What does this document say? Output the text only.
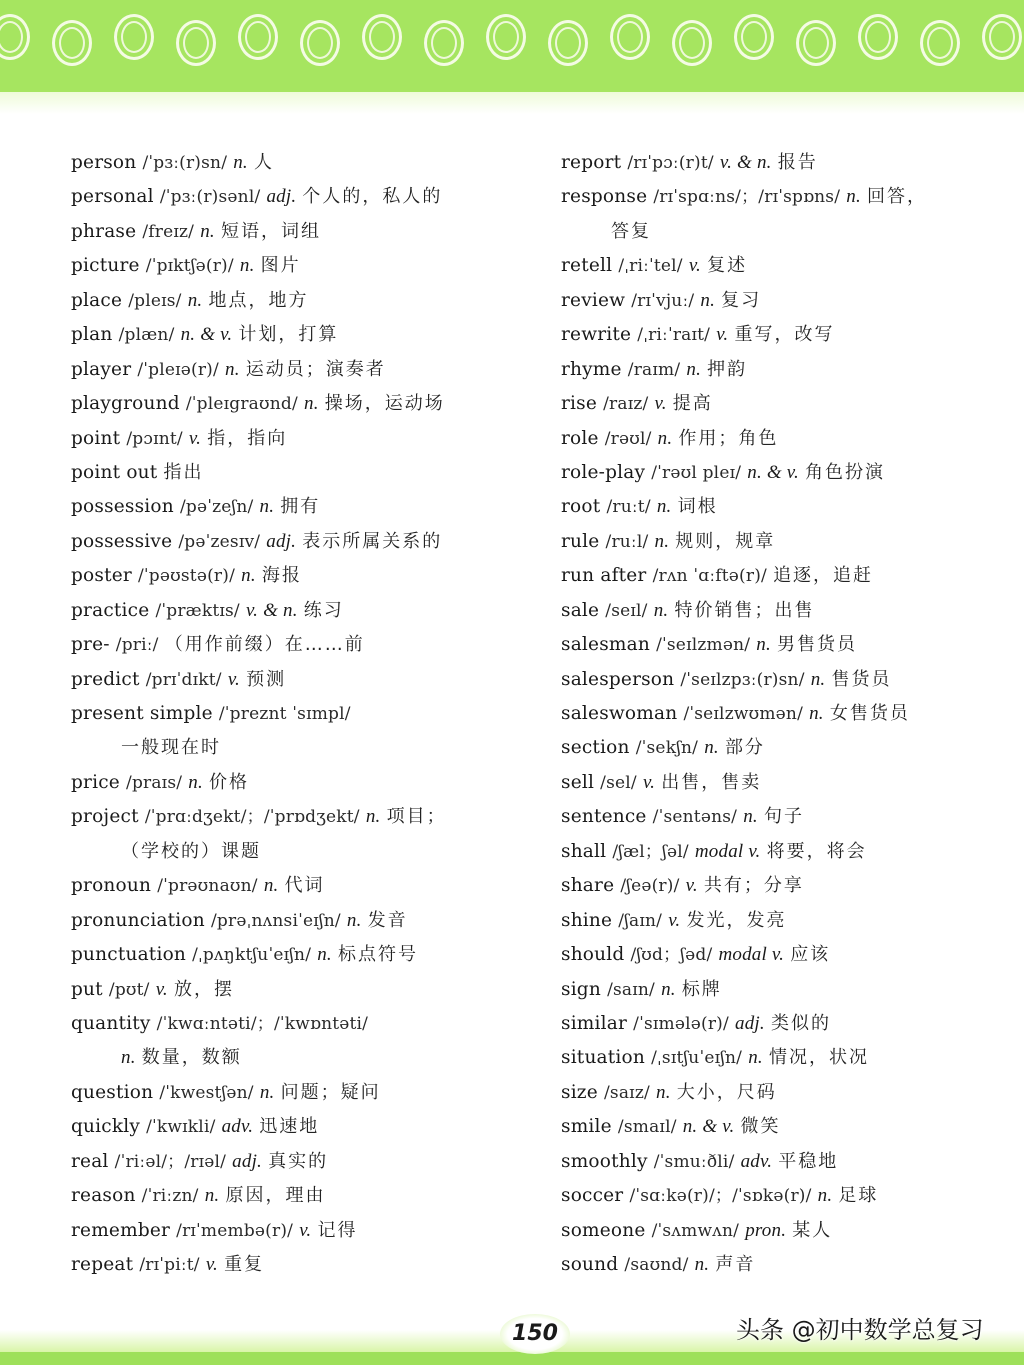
person /ˈpɜː(r)sn/ n. 人
personal /ˈpɜː(r)sənl/ adj. 个人的，私人的
phrase /freɪz/ n. 短语，词组
picture /ˈpɪktʃə(r)/ n. 图片
place /pleɪs/ n. 地点，地方
plan /plæn/ n. & v. 计划，打算
player /ˈpleɪə(r)/ n. 运动员；演奏者
playground /ˈpleɪgraʊnd/ n. 操场，运动场
point /pɔɪnt/ v. 指，指向
point out 指出
possession /pəˈzeʃn/ n. 拥有
possessive /pəˈzesɪv/ adj. 表示所属关系的
poster /ˈpəʊstə(r)/ n. 海报
practice /ˈpræktɪs/ v. & n. 练习
pre- /priː/ （用作前缀）在……前
predict /prɪˈdɪkt/ v. 预测
present simple /ˈpreznt ˈsɪmpl/
一般现在时
price /praɪs/ n. 价格
project /ˈprɑːdʒekt/；/ˈprɒdʒekt/ n. 项目；
（学校的）课题
pronoun /ˈprəʊnaʊn/ n. 代词
pronunciation /prəˌnʌnsiˈeɪʃn/ n. 发音
punctuation /ˌpʌŋktʃuˈeɪʃn/ n. 标点符号
put /pʊt/ v. 放，摆
quantity /ˈkwɑːntəti/；/ˈkwɒntəti/
n. 数量，数额
question /ˈkwestʃən/ n. 问题；疑问
quickly /ˈkwɪkli/ adv. 迅速地
real /ˈriːəl/；/rɪəl/ adj. 真实的
reason /ˈriːzn/ n. 原因，理由
remember /rɪˈmembə(r)/ v. 记得
repeat /rɪˈpiːt/ v. 重复
report /rɪˈpɔː(r)t/ v. & n. 报告
response /rɪˈspɑːns/；/rɪˈspɒns/ n. 回答，
答复
retell /ˌriːˈtel/ v. 复述
review /rɪˈvjuː/ n. 复习
rewrite /ˌriːˈraɪt/ v. 重写，改写
rhyme /raɪm/ n. 押韵
rise /raɪz/ v. 提高
role /rəʊl/ n. 作用；角色
role-play /ˈrəʊl pleɪ/ n. & v. 角色扮演
root /ruːt/ n. 词根
rule /ruːl/ n. 规则，规章
run after /rʌn ˈɑːftə(r)/ 追逐，追赶
sale /seɪl/ n. 特价销售；出售
salesman /ˈseɪlzmən/ n. 男售货员
salesperson /ˈseɪlzpɜː(r)sn/ n. 售货员
saleswoman /ˈseɪlzwʊmən/ n. 女售货员
section /ˈsekʃn/ n. 部分
sell /sel/ v. 出售，售卖
sentence /ˈsentəns/ n. 句子
shall /ʃæl；ʃəl/ modal v. 将要，将会
share /ʃeə(r)/ v. 共有；分享
shine /ʃaɪn/ v. 发光，发亮
should /ʃʊd；ʃəd/ modal v. 应该
sign /saɪn/ n. 标牌
similar /ˈsɪmələ(r)/ adj. 类似的
situation /ˌsɪtʃuˈeɪʃn/ n. 情况，状况
size /saɪz/ n. 大小，尺码
smile /smaɪl/ n. & v. 微笑
smoothly /ˈsmuːðli/ adv. 平稳地
soccer /ˈsɑːkə(r)/；/ˈsɒkə(r)/ n. 足球
someone /ˈsʌmwʌn/ pron. 某人
sound /saʊnd/ n. 声音
150	头条 @初中数学总复习
